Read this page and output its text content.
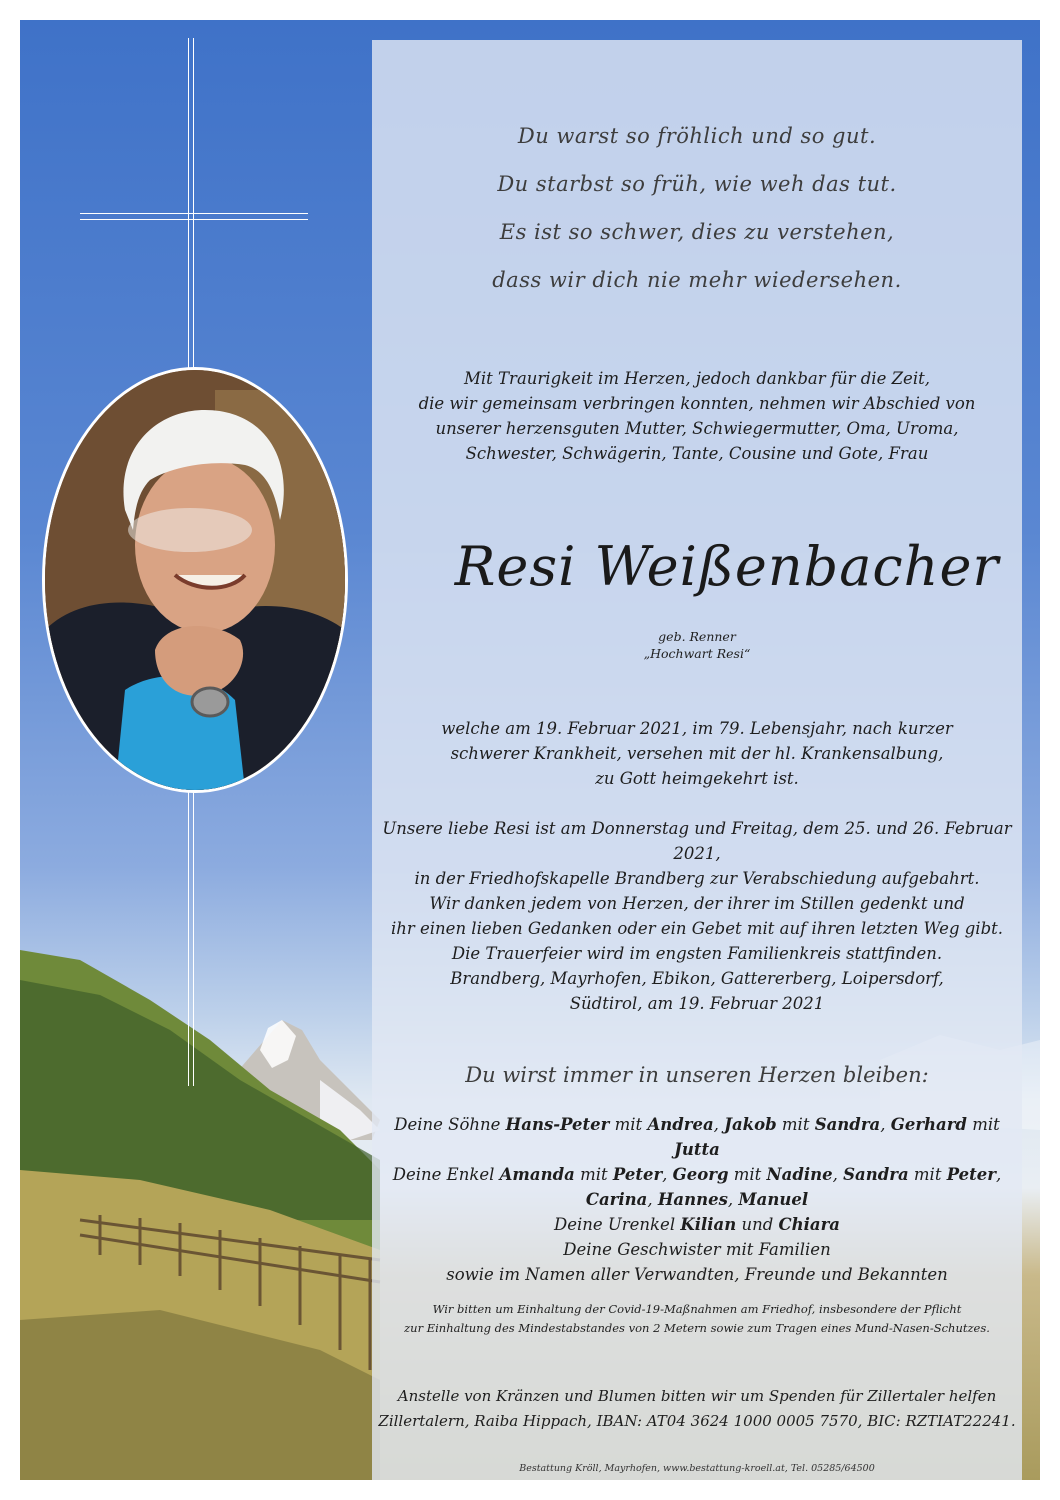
Du warst so fröhlich und so gut.
Du starbst so früh, wie weh das tut.
Es ist so schwer, dies zu verstehen,
dass wir dich nie mehr wiedersehen.
Mit Traurigkeit im Herzen, jedoch dankbar für die Zeit,
die wir gemeinsam verbringen konnten, nehmen wir Abschied von
unserer herzensguten Mutter, Schwiegermutter, Oma, Uroma,
Schwester, Schwägerin, Tante, Cousine und Gote, Frau
Resi Weißenbacher
geb. Renner
„Hochwart Resi“
welche am 19. Februar 2021, im 79. Lebensjahr, nach kurzer
schwerer Krankheit, versehen mit der hl. Krankensalbung,
zu Gott heimgekehrt ist.
Unsere liebe Resi ist am Donnerstag und Freitag, dem 25. und 26. Februar 2021,
in der Friedhofskapelle Brandberg zur Verabschiedung aufgebahrt.
Wir danken jedem von Herzen, der ihrer im Stillen gedenkt und
ihr einen lieben Gedanken oder ein Gebet mit auf ihren letzten Weg gibt.
Die Trauerfeier wird im engsten Familienkreis stattfinden.
Brandberg, Mayrhofen, Ebikon, Gattererberg, Loipersdorf,
Südtirol, am 19. Februar 2021
Du wirst immer in unseren Herzen bleiben:
Deine Söhne Hans-Peter mit Andrea, Jakob mit Sandra, Gerhard mit Jutta
Deine Enkel Amanda mit Peter, Georg mit Nadine, Sandra mit Peter,
Carina, Hannes, Manuel
Deine Urenkel Kilian und Chiara
Deine Geschwister mit Familien
sowie im Namen aller Verwandten, Freunde und Bekannten
Wir bitten um Einhaltung der Covid-19-Maßnahmen am Friedhof, insbesondere der Pflicht
zur Einhaltung des Mindestabstandes von 2 Metern sowie zum Tragen eines Mund-Nasen-Schutzes.
Anstelle von Kränzen und Blumen bitten wir um Spenden für Zillertaler helfen
Zillertalern, Raiba Hippach, IBAN: AT04 3624 1000 0005 7570, BIC: RZTIAT22241.
Bestattung Kröll, Mayrhofen, www.bestattung-kroell.at, Tel. 05285/64500
